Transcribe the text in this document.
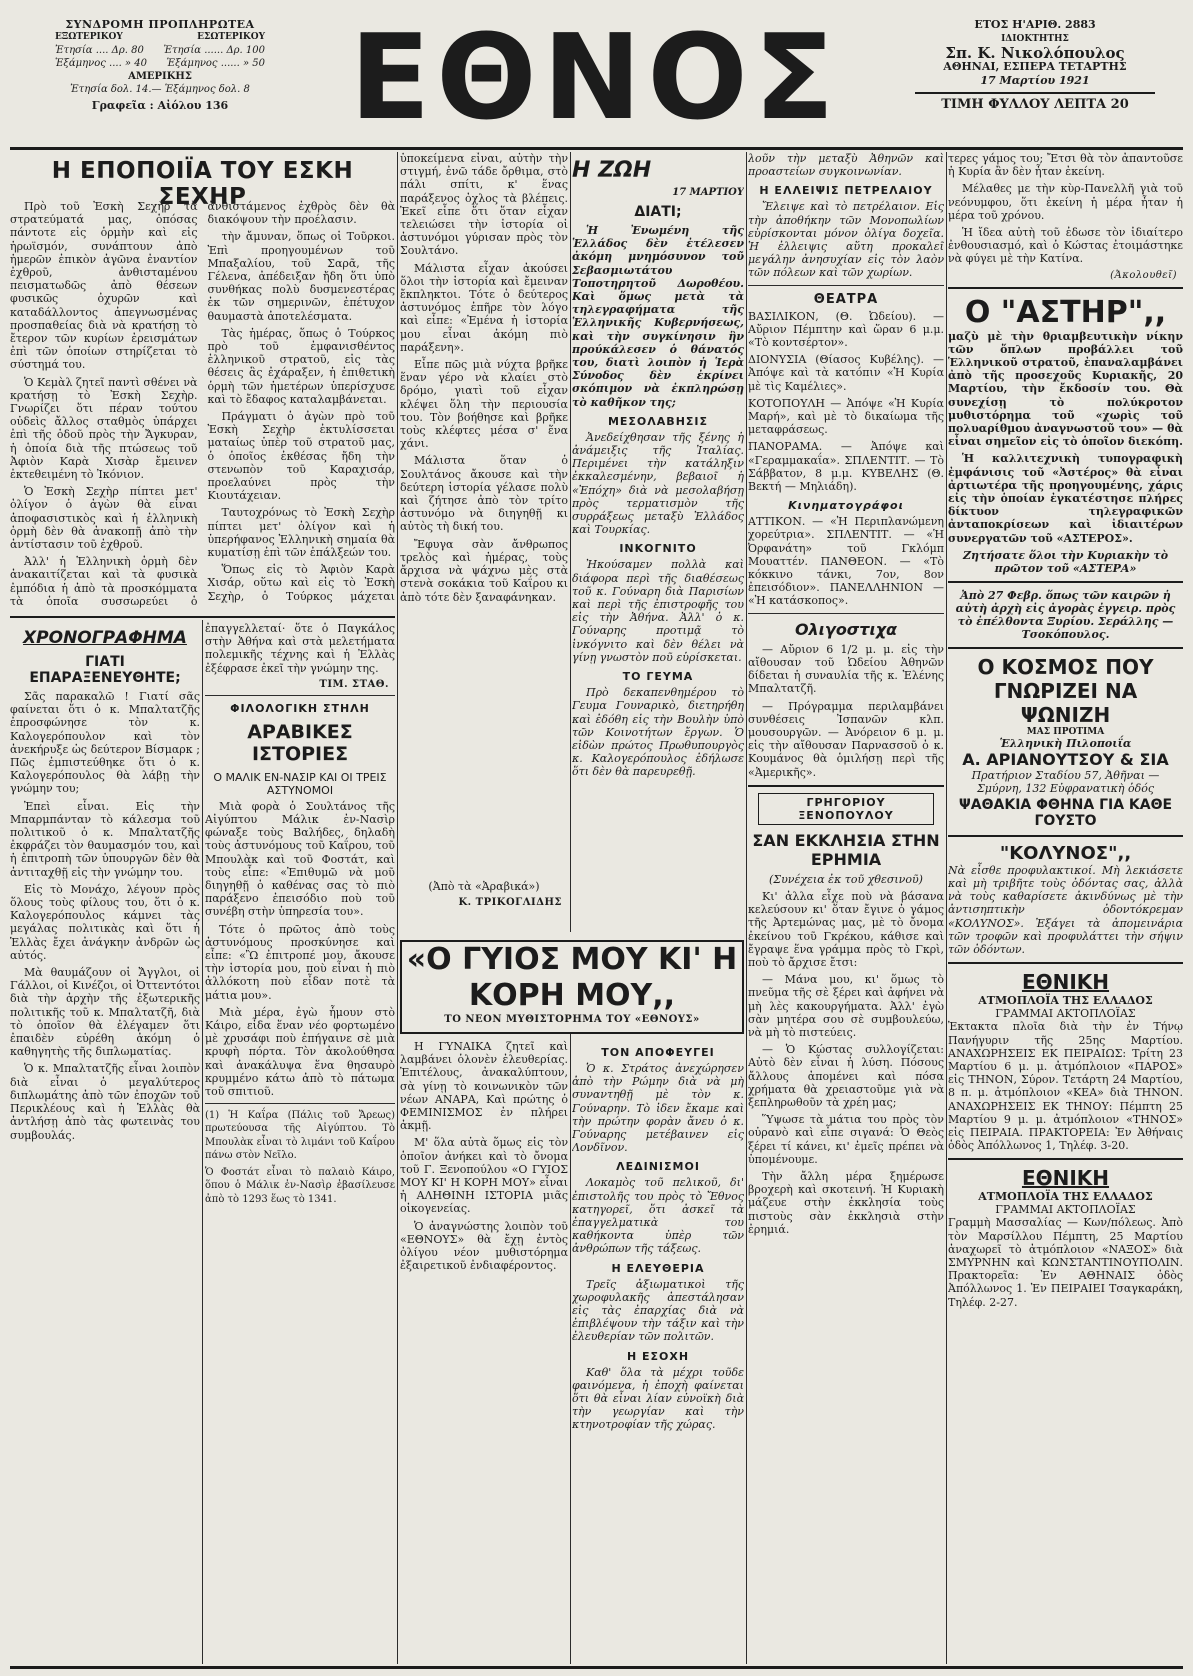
ΣΥΝΔΡΟΜΗ ΠΡΟΠΛΗΡΩΤΕΑ
ΕΞΩΤΕΡΙΚΟΥ	ΕΣΩΤΕΡΙΚΟΥ
Ἐτησία .... Δρ. 80 Ἐτησία ...... Δρ. 100
Ἑξάμηνος .... » 40 Ἑξάμηνος ...... » 50
ΑΜΕΡΙΚΗΣ
Ἐτησία δολ. 14.— Ἑξάμηνος δολ. 8
Γραφεῖα : Αἰόλου 136	ΕΘΝΟΣ	ΕΤΟΣ Η'ΑΡΙΘ. 2883
ΙΔΙΟΚΤΗΤΗΣ
Σπ. Κ. Νικολόπουλος
ΑΘΗΝΑΙ, ΕΣΠΕΡΑ ΤΕΤΑΡΤΗΣ
17 Μαρτίου 1921
ΤΙΜΗ ΦΥΛΛΟΥ ΛΕΠΤΑ 20
Η ΕΠΟΠΟΙΪΑ ΤΟΥ ΕΣΚΗ ΣΕΧΗΡ

Πρὸ τοῦ Ἐσκὴ Σεχὴρ τὰ στρατεύματά μας, ὁπόσας πάντοτε εἰς ὁρμὴν καὶ εἰς ἡρωϊσμόν, συνάπτουν ἀπὸ ἡμερῶν ἐπικὸν ἀγῶνα ἐναντίον ἐχθροῦ, ἀνθισταμένου πεισματωδῶς ἀπὸ θέσεων φυσικῶς ὀχυρῶν καὶ καταδάλλοντος ἀπεγνωσμένας προσπαθείας διὰ νὰ κρατήσῃ τὸ ἔτερον τῶν κυρίων ἐρεισμάτων ἐπὶ τῶν ὁποίων στηρίζεται τὸ σύστημά του.

Ὁ Κεμὰλ ζητεῖ παντὶ σθένει νὰ κρατήσῃ τὸ Ἐσκὴ Σεχὴρ. Γνωρίζει ὅτι πέραν τούτου οὐδεὶς ἄλλος σταθμὸς ὑπάρχει ἐπὶ τῆς ὁδοῦ πρὸς τὴν Ἄγκυραν, ἡ ὁποία διὰ τῆς πτώσεως τοῦ Ἀφιὸν Καρὰ Χισὰρ ἔμεινεν ἐκτεθειμένη τὸ Ἰκόνιον.

Ὁ Ἐσκὴ Σεχὴρ πίπτει μετ' ὀλίγον ὁ ἀγὼν θὰ εἶναι ἀποφασιστικὸς καὶ ἡ ἑλληνικὴ ὁρμὴ δὲν θὰ ἀνακοπῇ ἀπὸ τὴν ἀντίστασιν τοῦ ἐχθροῦ.

Ἀλλ' ἡ Ἑλληνικὴ ὁρμὴ δὲν ἀνακαιτίζεται καὶ τὰ φυσικὰ ἐμπόδια ἡ ἀπὸ τὰ προσκόμματα τὰ ὁποῖα συσσωρεύει ὁ ἀνθιστάμενος ἐχθρὸς δὲν θὰ διακόψουν τὴν προέλασιν.

τὴν ἄμυναν, ὅπως οἱ Τοῦρκοι. Ἐπὶ προηγουμένων τοῦ Μπαξαλίου, τοῦ Σαρᾶ, τῆς Γέλενα, ἀπέδειξαν ἤδη ὅτι ὑπὸ συνθήκας πολὺ δυσμενεστέρας ἐκ τῶν σημερινῶν, ἐπέτυχον θαυμαστὰ ἀποτελέσματα.

Τὰς ἡμέρας, ὅπως ὁ Τούρκος πρὸ τοῦ ἐμφανισθέντος ἑλληνικοῦ στρατοῦ, εἰς τὰς θέσεις ἃς ἐχάραξεν, ἡ ἐπιθετικὴ ὁρμὴ τῶν ἡμετέρων ὑπερίσχυσε καὶ τὸ ἔδαφος καταλαμβάνεται.

Πράγματι ὁ ἀγὼν πρὸ τοῦ Ἐσκὴ Σεχὴρ ἐκτυλίσσεται ματαίως ὑπὲρ τοῦ στρατοῦ μας, ὁ ὁποῖος ἐκθέσας ἤδη τὴν στενωπὸν τοῦ Καραχισάρ, προελαύνει πρὸς τὴν Κιουτάχειαν.

Ταυτοχρόνως τὸ Ἐσκὴ Σεχὴρ πίπτει μετ' ὀλίγον καὶ ἡ ὑπερήφανος Ἑλληνικὴ σημαία θὰ κυματίσῃ ἐπὶ τῶν ἐπάλξεών του.

Ὅπως εἰς τὸ Ἀφιὸν Καρὰ Χισάρ, οὕτω καὶ εἰς τὸ Ἐσκὴ Σεχὴρ, ὁ Τούρκος μάχεται

ΧΡΟΝΟΓΡΑΦΗΜΑ
ΓΙΑΤΙ ΕΠΑΡΑΞΕΝΕΥΘΗΤΕ;

Σᾶς παρακαλῶ ! Γιατί σᾶς φαίνεται ὅτι ὁ κ. Μπαλτατζῆς ἐπροσφώνησε τὸν κ. Καλογερόπουλον καὶ τὸν ἀνεκήρυξε ὡς δεύτερον Βίσμαρκ ; Πῶς ἐμπιστεύθηκε ὅτι ὁ κ. Καλογερόπουλος θὰ λάβῃ τὴν γνώμην του;

Ἐπεὶ εἶναι. Εἰς τὴν Μπαρμπάνταν τὸ κάλεσμα τοῦ πολιτικοῦ ὁ κ. Μπαλτατζῆς ἐκφράζει τὸν θαυμασμόν του, καὶ ἡ ἐπιτροπὴ τῶν ὑπουργῶν δὲν θὰ ἀντιταχθῇ εἰς τὴν γνώμην του.

Εἰς τὸ Μονάχο, λέγουν πρὸς ὅλους τοὺς φίλους του, ὅτι ὁ κ. Καλογερόπουλος κάμνει τὰς μεγάλας πολιτικὰς καὶ ὅτι ἡ Ἑλλὰς ἔχει ἀνάγκην ἀνδρῶν ὡς αὐτός.

Μὰ θαυμάζουν οἱ Ἄγγλοι, οἱ Γάλλοι, οἱ Κινέζοι, οἱ Ὀττεντότοι διὰ τὴν ἀρχὴν τῆς ἐξωτερικῆς πολιτικῆς τοῦ κ. Μπαλτατζῆ, διὰ τὸ ὁποῖον θὰ ἐλέγαμεν ὅτι ἐπαιδὲν εὑρέθη ἀκόμη ὁ καθηγητὴς τῆς διπλωματίας.

Ὁ κ. Μπαλτατζῆς εἶναι λοιπὸν διὰ εἶναι ὁ μεγαλύτερος διπλωμάτης ἀπὸ τῶν ἐποχῶν τοῦ Περικλέους καὶ ἡ Ἑλλὰς θὰ ἀντλήσῃ ἀπὸ τὰς φωτεινὰς του συμβουλάς.

ἐπαγγελλεταί· ὅτε ὁ Παγκάλος στὴν Ἀθήνα καὶ στὰ μελετήματα πολεμικῆς τέχνης καὶ ἡ Ἐλλὰς ἐξέφρασε ἐκεῖ τὴν γνώμην της.

ΤΙΜ. ΣΤΑΘ.
ΦΙΛΟΛΟΓΙΚΗ ΣΤΗΛΗ
ΑΡΑΒΙΚΕΣ ΙΣΤΟΡΙΕΣ
Ο ΜΑΛΙΚ ΕΝ-ΝΑΣΙΡ ΚΑΙ ΟΙ ΤΡΕΙΣ ΑΣΤΥΝΟΜΟΙ

Μιὰ φορὰ ὁ Σουλτάνος τῆς Αἰγύπτου Μάλικ ἐν-Νασὶρ φώναξε τοὺς Βαλήδες, δηλαδὴ τοὺς ἀστυνόμους τοῦ Καΐρου, τοῦ Μπουλὰκ καὶ τοῦ Φοστάτ, καὶ τοὺς εἶπε: «Ἐπιθυμῶ νὰ μοῦ διηγηθῇ ὁ καθένας σας τὸ πιὸ παράξενο ἐπεισόδιο ποὺ τοῦ συνέβη στὴν ὑπηρεσία του».

Τότε ὁ πρῶτος ἀπὸ τοὺς ἀστυνόμους προσκύνησε καὶ εἶπε: «Ὢ ἐπιτροπέ μου, ἄκουσε τὴν ἱστορία μου, ποὺ εἶναι ἡ πιὸ ἀλλόκοτη ποὺ εἶδαν ποτὲ τὰ μάτια μου».

Μιὰ μέρα, ἐγὼ ἦμουν στὸ Κάιρο, εἶδα ἕναν νέο φορτωμένο μὲ χρυσάφι ποὺ ἐπήγαινε σὲ μιὰ κρυφὴ πόρτα. Τὸν ἀκολούθησα καὶ ἀνακάλυψα ἕνα θησαυρὸ κρυμμένο κάτω ἀπὸ τὸ πάτωμα τοῦ σπιτιοῦ.

(1) Ἡ Καΐρα (Πάλις τοῦ Ἄρεως) πρωτεύουσα τῆς Αἰγύπτου. Τὸ Μπουλὰκ εἶναι τὸ λιμάνι τοῦ Καΐρου πάνω στὸν Νεῖλο.

Ὁ Φοστάτ εἶναι τὸ παλαιὸ Κάιρο, ὅπου ὁ Μάλικ ἐν-Νασὶρ ἐβασίλευσε ἀπὸ τὸ 1293 ἕως τὸ 1341.

ὑποκείμενα εἶναι, αὐτὴν τὴν στιγμή, ἐνῶ τάδε ὄρθιμα, στὸ πάλι σπίτι, κ' ἕνας παράξενος ὀχλος τὰ βλέπεις. Ἐκεῖ εἶπε ὅτι ὅταν εἶχαν τελειώσει τὴν ἱστορία οἱ ἀστυνόμοι γύρισαν πρὸς τὸν Σουλτάνο.

Μάλιστα εἶχαν ἀκούσει ὅλοι τὴν ἱστορία καὶ ἔμειναν ἔκπληκτοι. Τότε ὁ δεύτερος ἀστυνόμος ἐπῆρε τὸν λόγο καὶ εἶπε: «Ἐμένα ἡ ἱστορία μου εἶναι ἀκόμη πιὸ παράξενη».

Εἶπε πῶς μιὰ νύχτα βρῆκε ἕναν γέρο νὰ κλαίει στὸ δρόμο, γιατὶ τοῦ εἶχαν κλέψει ὅλη τὴν περιουσία του. Τὸν βοήθησε καὶ βρῆκε τοὺς κλέφτες μέσα σ' ἕνα χάνι.

Μάλιστα ὅταν ὁ Σουλτάνος ἄκουσε καὶ τὴν δεύτερη ἱστορία γέλασε πολὺ καὶ ζήτησε ἀπὸ τὸν τρίτο ἀστυνόμο νὰ διηγηθῇ κι αὐτὸς τὴ δική του.

Ἔφυγα σὰν ἄνθρωπος τρελὸς καὶ ἡμέρας, τοὺς ἄρχισα νὰ ψάχνω μὲς στὰ στενὰ σοκάκια τοῦ Καΐρου κι ἀπὸ τότε δὲν ξαναφάνηκαν.

(Ἀπὸ τὰ «Ἀραβικά»)
Κ. ΤΡΙΚΟΓΛΙΔΗΣ
«Ο ΓΥΙΟΣ ΜΟΥ ΚΙ' Η ΚΟΡΗ ΜΟΥ,,
ΤΟ ΝΕΟΝ ΜΥΘΙΣΤΟΡΗΜΑ ΤΟΥ «ΕΘΝΟΥΣ»

Η ΓΥΝΑΙΚΑ ζητεῖ καὶ λαμβάνει ὁλονὲν ἐλευθερίας. Ἐπιτέλους, ἀνακαλύπτουν, σὰ γίνῃ τὸ κοινωνικὸν τῶν νέων ΑΝΑΡΑ, Καὶ πρώτης ὁ ΦΕΜΙΝΙΣΜΟΣ ἐν πλήρει ἀκμῇ.

Μ' ὅλα αὐτὰ ὅμως εἰς τὸν ὁποῖον ἀνήκει καὶ τὸ ὄνομα τοῦ Γ. Ξενοπούλου «Ο ΓΥΙΟΣ ΜΟΥ ΚΙ' Η ΚΟΡΗ ΜΟΥ» εἶναι ἡ ΑΛΗΘΙΝΗ ΙΣΤΟΡΙΑ μιᾶς οἰκογενείας.

Ὁ ἀναγνώστης λοιπὸν τοῦ «ΕΘΝΟΥΣ» θὰ ἔχῃ ἐντὸς ὀλίγου νέον μυθιστόρημα ἐξαιρετικοῦ ἐνδιαφέροντος.

Η ΖΩΗ
17 ΜΑΡΤΙΟΥ
ΔΙΑΤΙ;

Ἡ Ἐνωμένη τῆς Ἑλλάδος δὲν ἐτέλεσεν ἀκόμη μνημόσυνον τοῦ Σεβασμιωτάτου Τοποτηρητοῦ Δωροθέου. Καὶ ὅμως μετὰ τὰ τηλεγραφήματα τῆς Ἑλληνικῆς Κυβερνήσεως, καὶ τὴν συγκίνησιν ἣν προύκάλεσεν ὁ θάνατός του, διατὶ λοιπὸν ἡ Ἱερὰ Σύνοδος δὲν ἐκρίνει σκόπιμον νὰ ἐκπληρώσῃ τὸ καθῆκον της;

ΜΕΣΟΛΑΒΗΣΙΣ

Ἀνεδείχθησαν τῆς ξένης ἡ ἀνάμειξις τῆς Ἰταλίας. Περιμένει τὴν κατάληξιν ἐκκαλεσμένην, βεβαιοῖ ἡ «Ἐπόχη» διὰ νὰ μεσολαβήσῃ πρὸς τερματισμὸν τῆς συρράξεως μεταξὺ Ἑλλάδος καὶ Τουρκίας.

ΙΝΚΟΓΝΙΤΟ

Ἠκούσαμεν πολλὰ καὶ διάφορα περὶ τῆς διαθέσεως τοῦ κ. Γούναρη διὰ Παρισίων καὶ περὶ τῆς ἐπιστροφῆς του εἰς τὴν Ἀθήνα. Ἀλλ' ὁ κ. Γούναρης προτιμᾷ τὸ ἰνκόγνιτο καὶ δὲν θέλει νὰ γίνῃ γνωστὸν ποῦ εὑρίσκεται.

ΤΟ ΓΕΥΜΑ

Πρὸ δεκαπενθημέρου τὸ Γευμα Γουναρικὸ, διετηρήθη καὶ ἐδόθη εἰς τὴν Βουλὴν ὑπὸ τῶν Κοινοτήτων ἔργων. Ὁ εἰδὼν πρώτος Πρωθυπουργὸς κ. Καλογερόπουλος ἐδήλωσε ὅτι δὲν θὰ παρευρεθῇ.

ΤΟΝ ΑΠΟΦΕΥΓΕΙ

Ὁ κ. Στράτος ἀνεχώρησεν ἀπὸ τὴν Ρώμην διὰ νὰ μὴ συναντηθῇ μὲ τὸν κ. Γούναρην. Τὸ ἰδεν ἔκαμε καὶ τὴν πρώτην φορὰν ἄνευ ὁ κ. Γούναρης μετέβαινεν εἰς Λονδῖνον.

ΛΕΔΙΝΙΣΜΟΙ

Λοκαμὸς τοῦ πελικοῦ, δι' ἐπιστολῆς του πρὸς τὸ Ἔθνος κατηγορεῖ, ὅτι ἀσκεῖ τὰ ἐπαγγελματικὰ του καθήκοντα ὑπὲρ τῶν ἀνθρώπων τῆς τάξεως.

Η ΕΛΕΥΘΕΡΙΑ

Τρεῖς ἀξιωματικοὶ τῆς χωροφυλακῆς ἀπεστάλησαν εἰς τὰς ἐπαρχίας διὰ νὰ ἐπιβλέψουν τὴν τάξιν καὶ τὴν ἐλευθερίαν τῶν πολιτῶν.

Η ΕΣΟΧΗ

Καθ' ὅλα τὰ μέχρι τοῦδε φαινόμενα, ἡ ἐποχὴ φαίνεται ὅτι θὰ εἶναι λίαν εὐνοϊκὴ διὰ τὴν γεωργίαν καὶ τὴν κτηνοτροφίαν τῆς χώρας.

λοῦν τὴν μεταξὺ Ἀθηνῶν καὶ προαστείων συγκοινωνίαν.

Η ΕΛΛΕΙΨΙΣ ΠΕΤΡΕΛΑΙΟΥ

Ἔλειψε καὶ τὸ πετρέλαιον. Εἰς τὴν ἀποθήκην τῶν Μονοπωλίων εὑρίσκονται μόνον ὀλίγα δοχεῖα. Ἡ ἐλλειψις αὕτη προκαλεῖ μεγάλην ἀνησυχίαν εἰς τὸν λαὸν τῶν πόλεων καὶ τῶν χωρίων.

ΘΕΑΤΡΑ

ΒΑΣΙΛΙΚΟΝ, (Θ. Ὠδείου). — Αὔριον Πέμπτην καὶ ὥραν 6 μ.μ. «Τὸ κοντσέρτον».

ΔΙΟΝΥΣΙΑ (Θίασος Κυβέλης). — Ἀπόψε καὶ τὰ κατόπιν «Ἡ Κυρία μὲ τὶς Καμέλιες».

ΚΟΤΟΠΟΥΛΗ — Ἀπόψε «Ἡ Κυρία Μαρή», καὶ μὲ τὸ δικαίωμα τῆς μεταφράσεως.

ΠΑΝΟΡΑΜΑ. — Ἀπόψε καὶ «Γεραμμακαΐα». ΣΠΛΕΝΤΙΤ. — Τὸ Σάββατον, 8 μ.μ. ΚΥΒΕΛΗΣ (Θ. Βεκτή — Μηλιάδη).

Κινηματογράφοι

ΑΤΤΙΚΟΝ. — «Ἡ Περιπλανώμενη χορεύτρια». ΣΠΛΕΝΤΙΤ. — «Ἡ Ὀρφανάτη» τοῦ Γκλόμπ Μουαττέν. ΠΑΝΘΕΟΝ. — «Τὸ κόκκινο τάνκι, 7ον, 8ον ἐπεισόδιον». ΠΑΝΕΛΛΗΝΙΟΝ — «Ἡ κατάσκοπος».

Ολιγοστιχα

— Αὔριον 6 1/2 μ. μ. εἰς τὴν αἴθουσαν τοῦ Ὠδείου Ἀθηνῶν δίδεται ἡ συναυλία τῆς κ. Ἑλένης Μπαλτατζῆ.

— Πρόγραμμα περιλαμβάνει συνθέσεις Ἰσπανῶν κλπ. μουσουργῶν. — Ἀνόρειον 6 μ. μ. εἰς τὴν αἴθουσαν Παρνασσοῦ ὁ κ. Κουμάνος θὰ ὁμιλήσῃ περὶ τῆς «Ἀμερικῆς».

ΓΡΗΓΟΡΙΟΥ ΞΕΝΟΠΟΥΛΟΥ
ΣΑΝ ΕΚΚΛΗΣΙΑ ΣΤΗΝ ΕΡΗΜΙΑ
(Συνέχεια ἐκ τοῦ χθεσινοῦ)

Κι' ἀλλα εἶχε ποὺ νὰ βάσανα κελεύσουν κι' ὅταν ἔγινε ὁ γάμος τῆς Ἀρτεμώνας μας, μὲ τὸ ὄνομα ἐκείνου τοῦ Γκρέκου, κάθισε καὶ ἔγραψε ἕνα γράμμα πρὸς τὸ Γκρὶ, ποὺ τὸ ἄρχισε ἔτσι:

— Μάνα μου, κι' ὅμως τὸ πνεῦμα τῆς σὲ ξέρει καὶ ἀφήνει νὰ μὴ λὲς κακουργήματα. Ἀλλ' ἐγὼ σὰν μητέρα σου σὲ συμβουλεύω, νὰ μὴ τὸ πιστεύεις.

— Ὁ Κώστας συλλογίζεται: Αὐτὸ δὲν εἶναι ἡ λύση. Πόσους ἄλλους ἀπομένει καὶ πόσα χρήματα θὰ χρειαστοῦμε γιὰ νὰ ξεπληρωθοῦν τὰ χρέη μας;

Ὕψωσε τὰ μάτια του πρὸς τὸν οὐρανὸ καὶ εἶπε σιγανά: Ὁ Θεὸς ξέρει τί κάνει, κι' ἐμεῖς πρέπει νὰ ὑπομένουμε.

Τὴν ἄλλη μέρα ξημέρωσε βροχερὴ καὶ σκοτεινή. Ἡ Κυριακὴ μάζευε στὴν ἐκκλησία τοὺς πιστοὺς σὰν ἐκκλησιὰ στὴν ἐρημιά.

τερες γάμος του; Ἔτσι θὰ τὸν ἀπαντοῦσε ἡ Κυρία ἂν δὲν ἦταν ἐκείνη.

Μέλαθες με τὴν κὺρ-Πανελλῆ γιὰ τοῦ νεόνυμφου, ὅτι ἐκείνη ἡ μέρα ἦταν ἡ μέρα τοῦ χρόνου.

Ἡ ἴδεα αὐτὴ τοῦ ἐδωσε τὸν ἰδιαίτερο ἐνθουσιασμό, καὶ ὁ Κώστας ἐτοιμάστηκε νὰ φύγει μὲ τὴν Κατίνα.

(Ἀκολουθεῖ)
Ο "ΑΣΤΗΡ",,

μαζὺ μὲ τὴν θριαμβευτικὴν νίκην τῶν ὅπλων προβάλλει τοῦ Ἑλληνικοῦ στρατοῦ, ἐπαναλαμβάνει ἀπὸ τῆς προσεχοῦς Κυριακῆς, 20 Μαρτίου, τὴν ἔκδοσίν του. Θὰ συνεχίσῃ τὸ πολύκροτον μυθιστόρημα τοῦ «χωρὶς τοῦ πολυαρίθμου ἀναγνωστοῦ του» — θὰ εἶναι σημεῖον εἰς τὸ ὁποῖον διεκόπη.

Ἡ καλλιτεχνικὴ τυπογραφικὴ ἐμφάνισις τοῦ «Ἀστέρος» θὰ εἶναι ἀρτιωτέρα τῆς προηγουμένης, χάρις εἰς τὴν ὁποίαν ἐγκατέστησε πλήρες δίκτυον τηλεγραφικῶν ἀνταποκρίσεων καὶ ἰδιαιτέρων συνεργατῶν τοῦ «ΑΣΤΕΡΟΣ».

Ζητήσατε ὅλοι τὴν Κυριακὴν τὸ πρῶτον τοῦ «ΑΣΤΕΡΑ»
Ἀπὸ 27 Φεβρ. ὅπως τῶν καιρῶν ἡ αὐτὴ ἀρχὴ εἰς ἀγορὰς ἐγγειρ. πρὸς τὸ ἐπέλθοντα Ξυρίου. Σεράλλης — Τσοκόπουλος.
Ο ΚΟΣΜΟΣ ΠΟΥ ΓΝΩΡΙΖΕΙ ΝΑ ΨΩΝΙΖΗ
ΜΑΣ ΠΡΟΤΙΜΑ
Ἑλληνικὴ Πιλοποιΐα
Α. ΑΡΙΑΝΟΥΤΣΟΥ & ΣΙΑ
Πρατήριον Σταδίου 57, Ἀθῆναι — Σμύρνη, 132 Εὐφρανατικὴ ὁδός
ΨΑΘΑΚΙΑ ΦΘΗΝΑ ΓΙΑ ΚΑΘΕ ΓΟΥΣΤΟ
"ΚΟΛΥΝΟΣ",,

Νὰ εἶσθε προφυλακτικοί. Μὴ λεκιάσετε καὶ μὴ τριβῆτε τοὺς ὀδόντας σας, ἀλλὰ νὰ τοὺς καθαρίσετε ἀκινδύνως μὲ τὴν ἀντισηπτικὴν ὀδοντόκρεμαν «ΚΟΛΥΝΟΣ». Ἐξάγει τὰ ἀπομεινάρια τῶν τροφῶν καὶ προφυλάττει τὴν σήψιν τῶν ὀδόντων.

ΕΘΝΙΚΗ
ΑΤΜΟΠΛΟΪΑ ΤΗΣ ΕΛΛΑΔΟΣ
ΓΡΑΜΜΑΙ ΑΚΤΟΠΛΟΪΑΣ

Ἐκτακτα πλοῖα διὰ τὴν ἐν Τήνῳ Πανήγυριν τῆς 25ης Μαρτίου. ΑΝΑΧΩΡΗΣΕΙΣ ΕΚ ΠΕΙΡΑΙΩΣ: Τρίτη 23 Μαρτίου 6 μ. μ. ἀτμόπλοιον «ΠΑΡΟΣ» εἰς ΤΗΝΟΝ, Σύρον. Τετάρτη 24 Μαρτίου, 8 π. μ. ἀτμόπλοιον «ΚΕΑ» διὰ ΤΗΝΟΝ. ΑΝΑΧΩΡΗΣΕΙΣ ΕΚ ΤΗΝΟΥ: Πέμπτη 25 Μαρτίου 9 μ. μ. ἀτμόπλοιον «ΤΗΝΟΣ» εἰς ΠΕΙΡΑΙΑ. ΠΡΑΚΤΟΡΕΙΑ: Ἐν Ἀθήναις ὁδὸς Ἀπόλλωνος 1, Τηλέφ. 3-20.

ΕΘΝΙΚΗ
ΑΤΜΟΠΛΟΪΑ ΤΗΣ ΕΛΛΑΔΟΣ
ΓΡΑΜΜΑΙ ΑΚΤΟΠΛΟΪΑΣ

Γραμμὴ Μασσαλίας — Κων/πόλεως. Ἀπὸ τὸν Μαρσίλλου Πέμπτη, 25 Μαρτίου ἀναχωρεῖ τὸ ἀτμόπλοιον «ΝΑΞΟΣ» διὰ ΣΜΥΡΝΗΝ καὶ ΚΩΝΣΤΑΝΤΙΝΟΥΠΟΛΙΝ. Πρακτορεῖα: Ἐν ΑΘΗΝΑΙΣ ὁδὸς Ἀπόλλωνος 1. Ἐν ΠΕΙΡΑΙΕΙ Τσαγκαράκη, Τηλέφ. 2-27.
